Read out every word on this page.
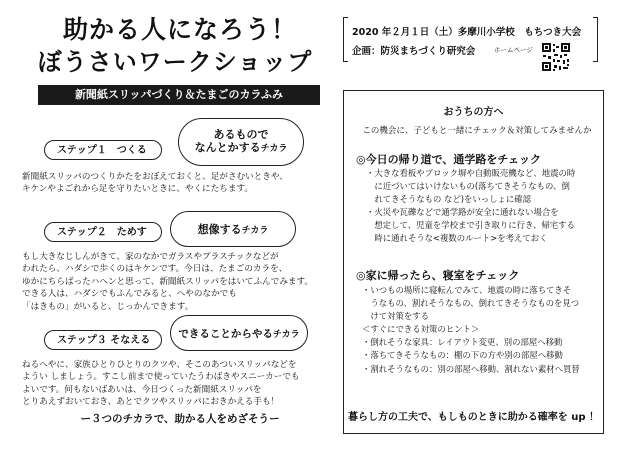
助かる人になろう！
ぼうさいワークショップ
新聞紙スリッパづくり＆たまごのカラふみ
ステップ１　つくる
あるもので
なんとかするチカラ
新聞紙スリッパのつくりかたをおぼえておくと、足がさむいときや、
キケンやよごれから足を守りたいときに、やくにたちます。
ステップ２　ためす	想像するチカラ
もし大きなじしんがきて、家のなかでガラスやプラスチックなどが
われたら、ハダシで歩くのはキケンです。今日は、たまごのカラを、
ゆかにちらばったハヘンと思って、新聞紙スリッパをはいてふんでみます。
できる人は、ハダシでもふんでみると、へやのなかでも
「はきもの」がいると、じっかんできます。
ステップ３ そなえる
できることからやるチカラ
ねるへやに、家族ひとりひとりのクツや、そこのあついスリッパなどを
ようい しましょう。すこし前まで使っていたうわばきやスニーカーでも
よいです。何もないばあいは、今日つくった新聞紙スリッパを
とりあえずおいておき、あとでクツやスリッパにおきかえる手も！
ー３つのチカラで、助かる人をめざそうー
2020 年２月１日（土）多摩川小学校　もちつき大会
企画：防災まちづくり研究会	ホームページ
おうちの方へ
この機会に、子どもと一緒にチェック＆対策してみませんか
◎今日の帰り道で、通学路をチェック
・大きな看板やブロック塀や自動販売機など、地震の時
　に近づいてはいけないもの(落ちてきそうなもの、倒
　れてきそうなもの など)をいっしょに確認
・火災や瓦礫などで通学路が安全に通れない場合を
　想定して、児童を学校まで引き取りに行き、帰宅する
　時に通れそうな<複数のルート>を考えておく
◎家に帰ったら、寝室をチェック
・いつもの場所に寝転んでみて、地震の時に落ちてきそ
　うなもの、割れそうなもの、倒れてきそうなものを見つ
　けて対策をする
＜すぐにできる対策のヒント＞
・倒れそうな家具：レイアウト変更、別の部屋へ移動
・落ちてきそうなもの：棚の下の方や別の部屋へ移動
・割れそうなもの：別の部屋へ移動、割れない素材へ買替
暮らし方の工夫で、もしものときに助かる確率を up ！
